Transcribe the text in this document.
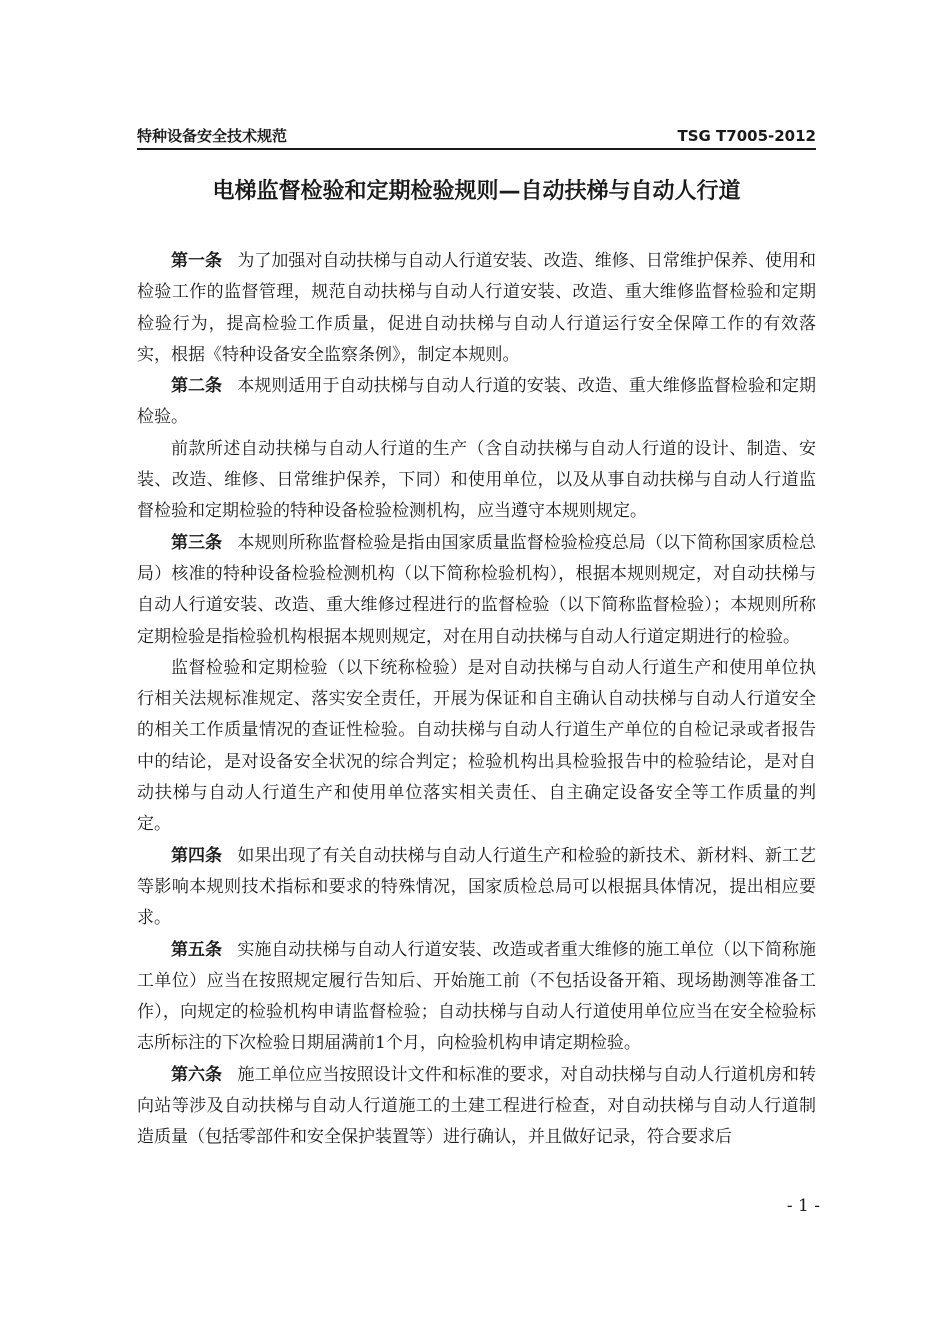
特种设备安全技术规范	TSG T7005-2012
电梯监督检验和定期检验规则—自动扶梯与自动人行道

第一条 为了加强对自动扶梯与自动人行道安装、改造、维修、日常维护保养、使用和检验工作的监督管理，规范自动扶梯与自动人行道安装、改造、重大维修监督检验和定期检验行为，提高检验工作质量，促进自动扶梯与自动人行道运行安全保障工作的有效落实，根据《特种设备安全监察条例》，制定本规则。

第二条 本规则适用于自动扶梯与自动人行道的安装、改造、重大维修监督检验和定期检验。

前款所述自动扶梯与自动人行道的生产（含自动扶梯与自动人行道的设计、制造、安装、改造、维修、日常维护保养，下同）和使用单位，以及从事自动扶梯与自动人行道监督检验和定期检验的特种设备检验检测机构，应当遵守本规则规定。

第三条 本规则所称监督检验是指由国家质量监督检验检疫总局（以下简称国家质检总局）核准的特种设备检验检测机构（以下简称检验机构），根据本规则规定，对自动扶梯与自动人行道安装、改造、重大维修过程进行的监督检验（以下简称监督检验）；本规则所称定期检验是指检验机构根据本规则规定，对在用自动扶梯与自动人行道定期进行的检验。

监督检验和定期检验（以下统称检验）是对自动扶梯与自动人行道生产和使用单位执行相关法规标准规定、落实安全责任，开展为保证和自主确认自动扶梯与自动人行道安全的相关工作质量情况的查证性检验。自动扶梯与自动人行道生产单位的自检记录或者报告中的结论，是对设备安全状况的综合判定；检验机构出具检验报告中的检验结论，是对自动扶梯与自动人行道生产和使用单位落实相关责任、自主确定设备安全等工作质量的判定。

第四条 如果出现了有关自动扶梯与自动人行道生产和检验的新技术、新材料、新工艺等影响本规则技术指标和要求的特殊情况，国家质检总局可以根据具体情况，提出相应要求。

第五条 实施自动扶梯与自动人行道安装、改造或者重大维修的施工单位（以下简称施工单位）应当在按照规定履行告知后、开始施工前（不包括设备开箱、现场勘测等准备工作），向规定的检验机构申请监督检验；自动扶梯与自动人行道使用单位应当在安全检验标志所标注的下次检验日期届满前1个月，向检验机构申请定期检验。

第六条 施工单位应当按照设计文件和标准的要求，对自动扶梯与自动人行道机房和转向站等涉及自动扶梯与自动人行道施工的土建工程进行检查，对自动扶梯与自动人行道制造质量（包括零部件和安全保护装置等）进行确认，并且做好记录，符合要求后

- 1 -
